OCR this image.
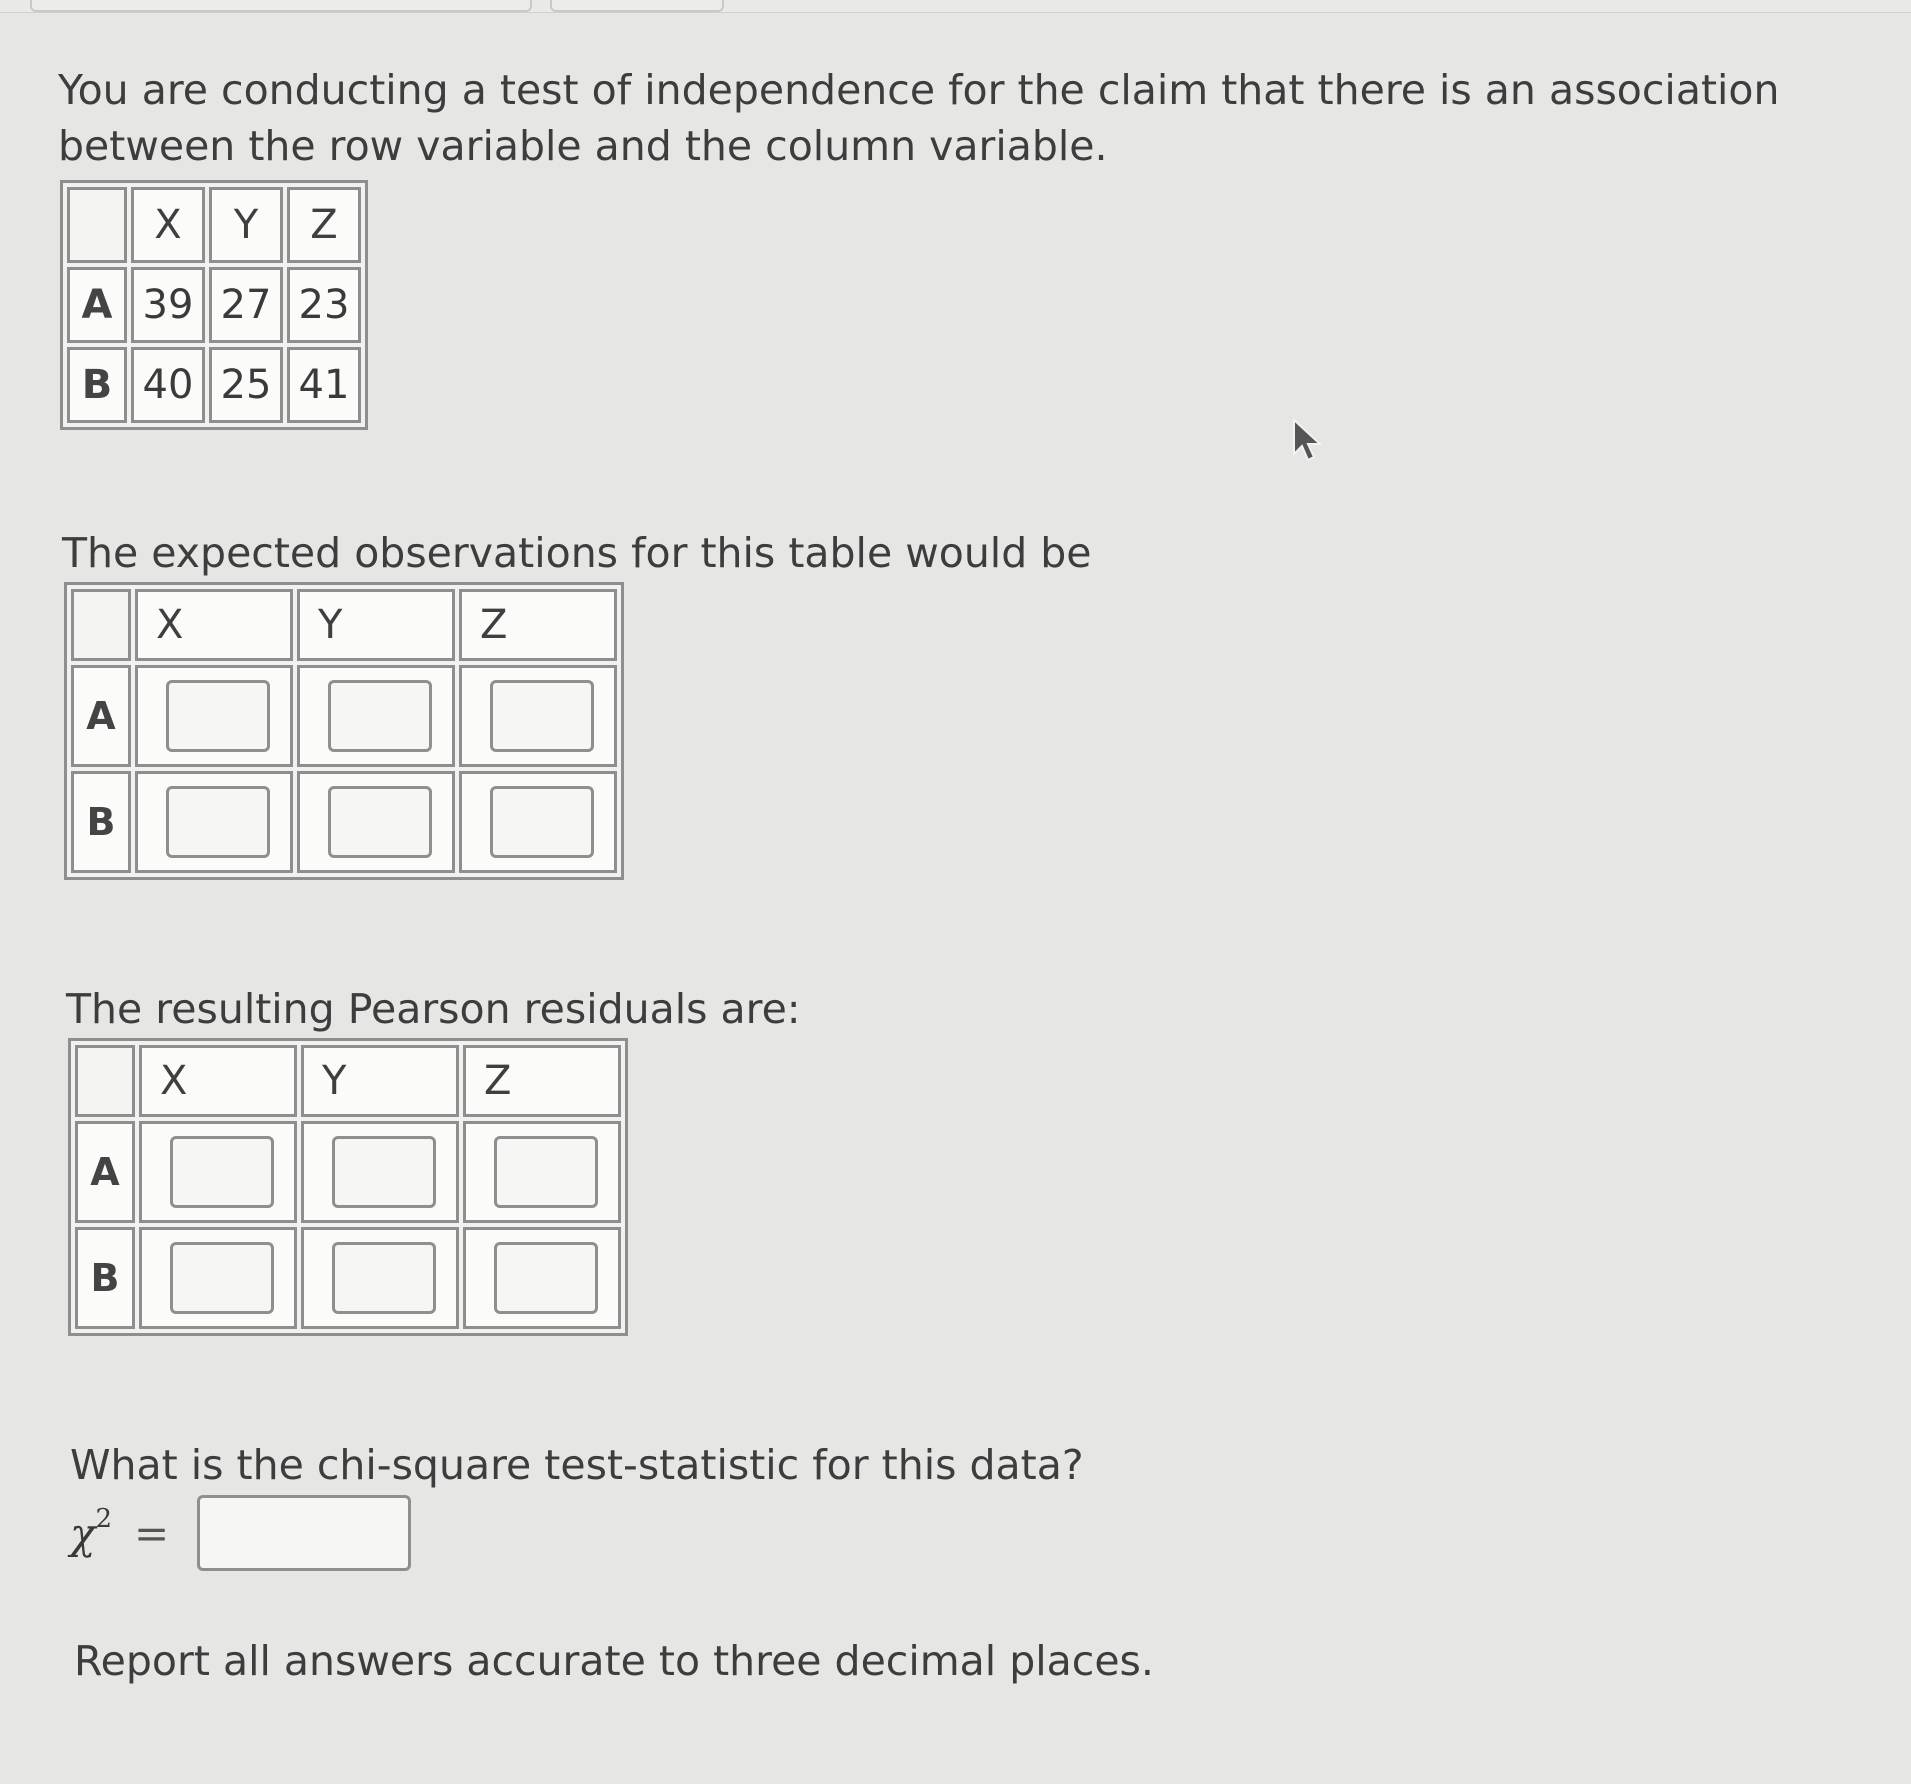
You are conducting a test of independence for the claim that there is an association between the row variable and the column variable.

	X	Y	Z
A	39	27	23
B	40	25	41

The expected observations for this table would be

	X	Y	Z
A	

B	

The resulting Pearson residuals are:

	X	Y	Z
A	

B	

What is the chi-square test-statistic for this data?

$\chi^2$ =

Report all answers accurate to three decimal places.
